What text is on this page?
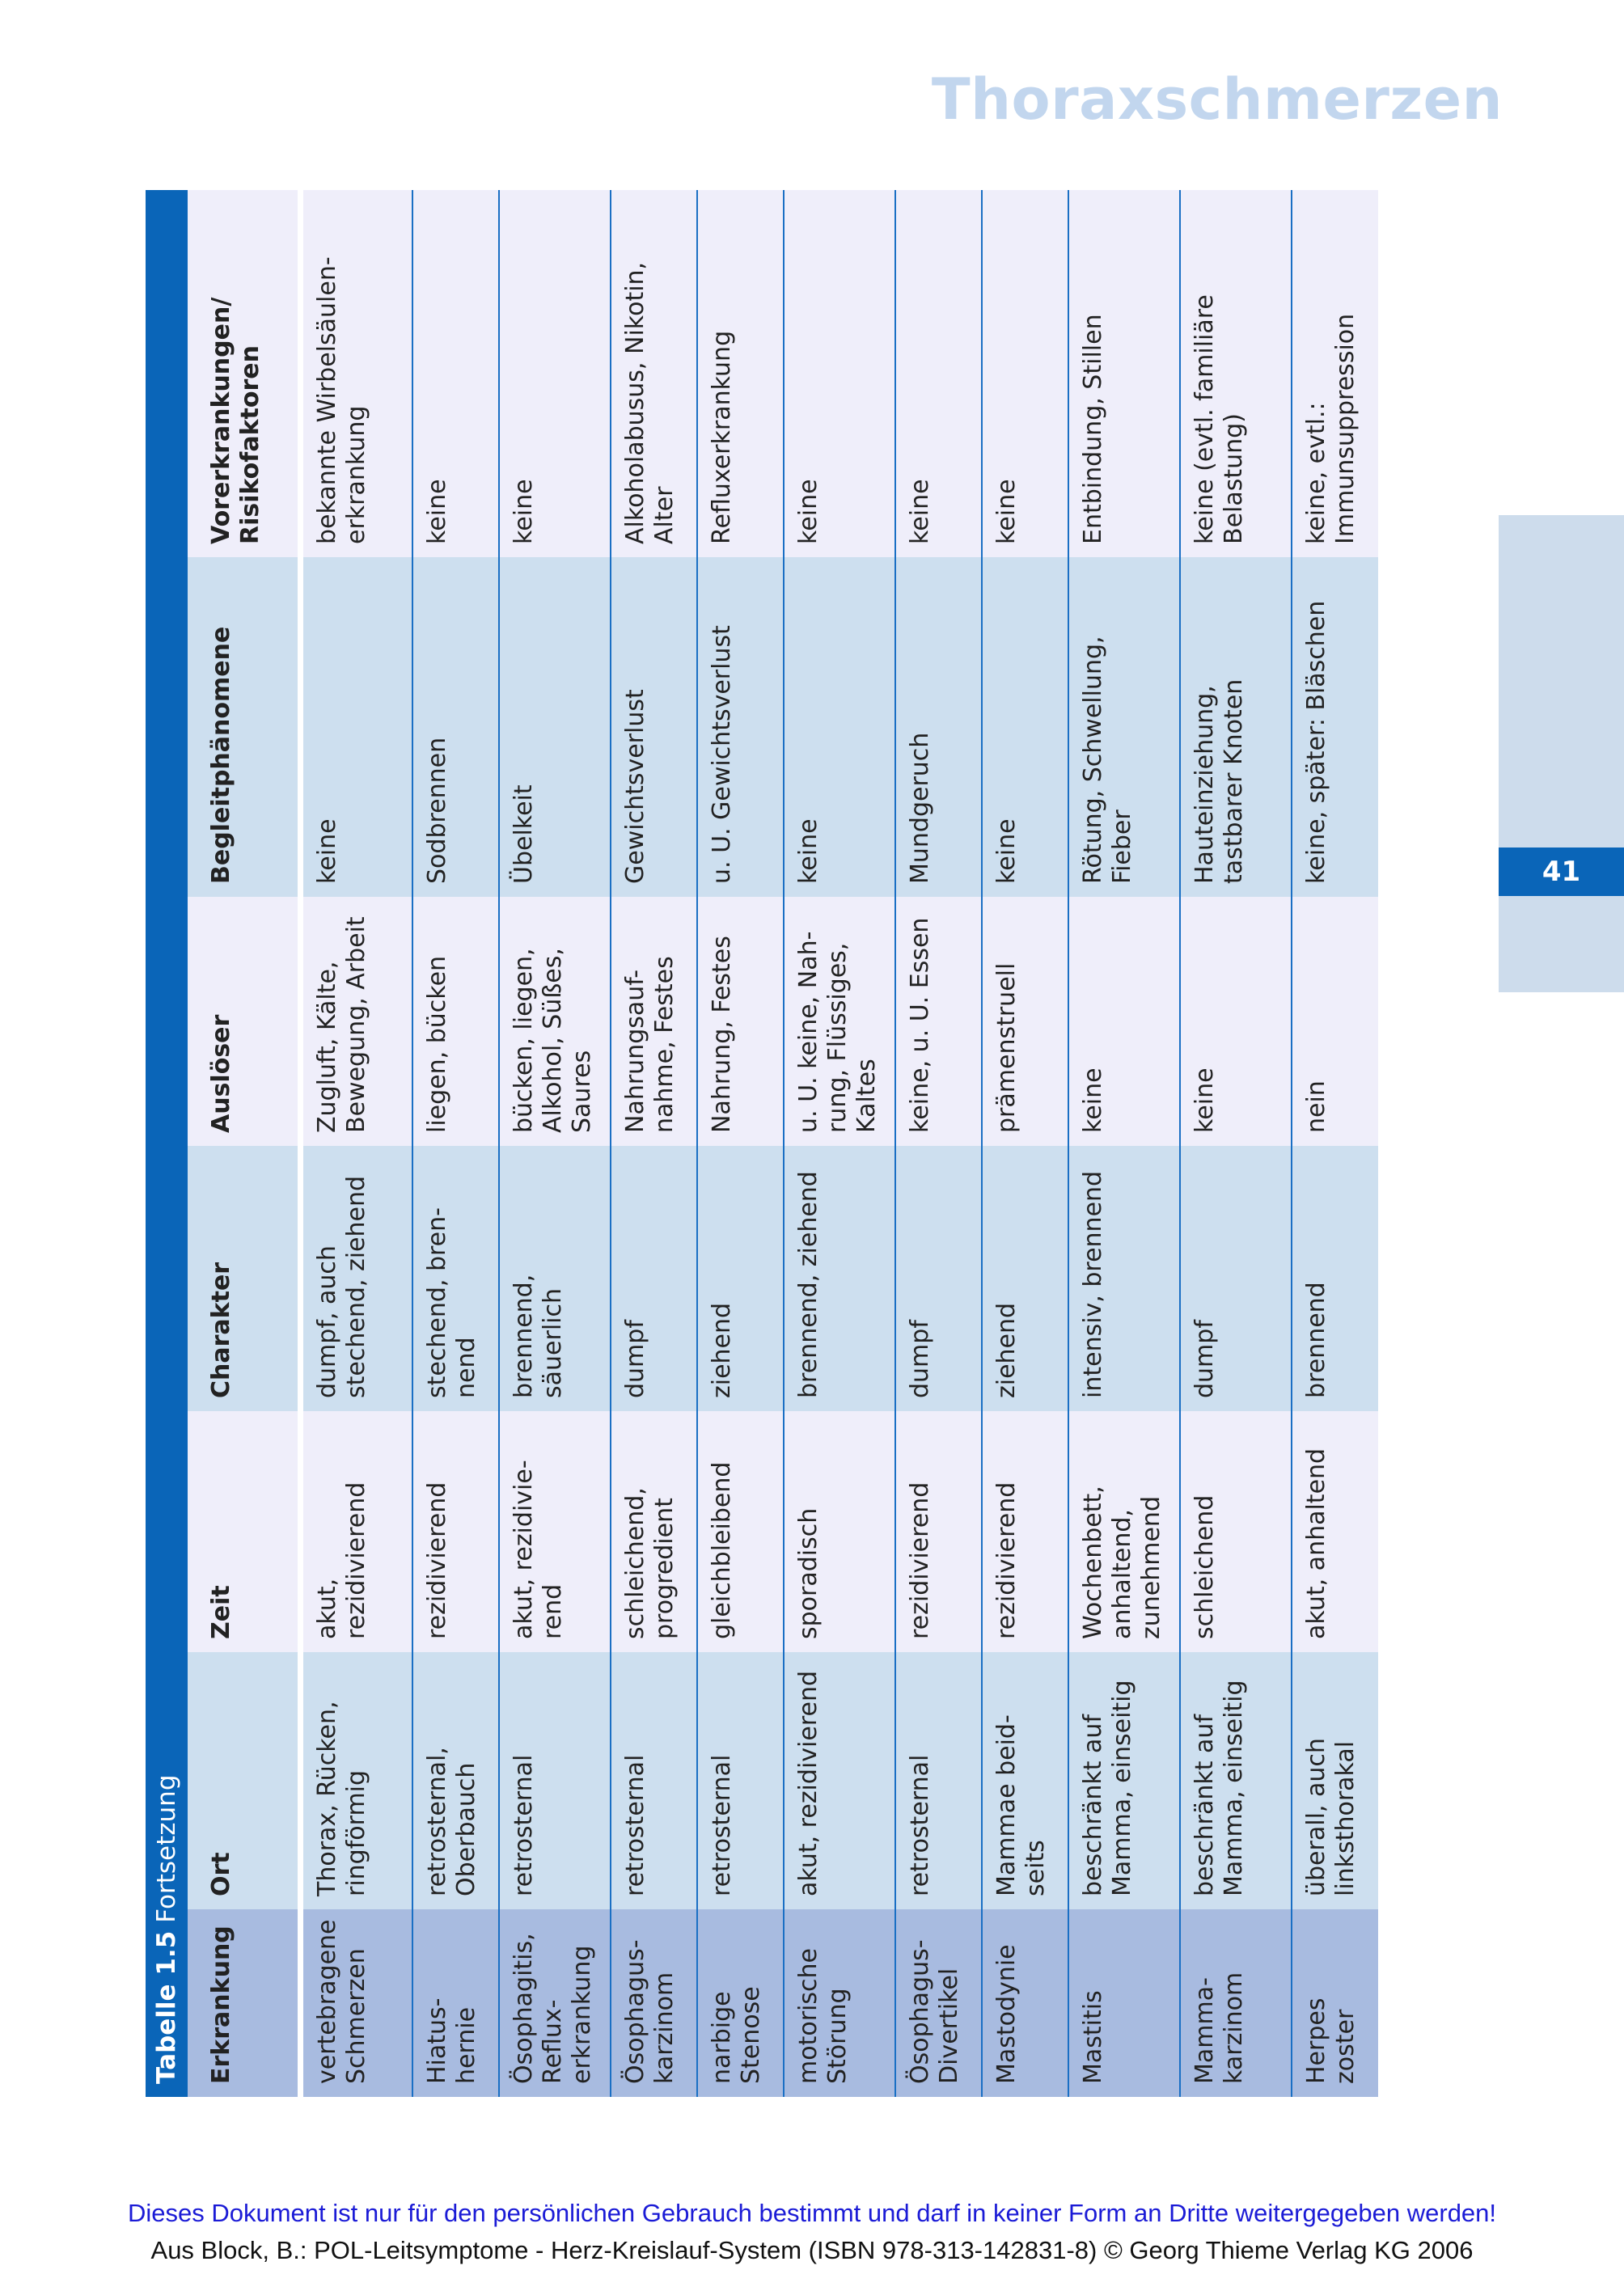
Thoraxschmerzen
41
Tabelle 1.5
Fortsetzung
Erkrankung	Ort	Zeit	Charakter	Auslöser	Begleitphänomene	Vorerkrankungen/ Risikofaktoren
vertebragene Schmerzen	Thorax, Rücken, ringförmig	akut, rezidivierend	dumpf, auch stechend, ziehend	Zugluft, Kälte, Bewegung, Arbeit	keine	bekannte Wirbelsäulen-erkrankung
Hiatus-hernie	retrosternal, Oberbauch	rezidivierend	stechend, bren-nend	liegen, bücken	Sodbrennen	keine
Ösophagitis, Reflux-erkrankung	retrosternal	akut, rezidivie-rend	brennend, säuerlich	bücken, liegen, Alkohol, Süßes, Saures	Übelkeit	keine
Ösophagus-karzinom	retrosternal	schleichend, progredient	dumpf	Nahrungsauf-nahme, Festes	Gewichtsverlust	Alkoholabusus, Nikotin, Alter
narbige Stenose	retrosternal	gleichbleibend	ziehend	Nahrung, Festes	u. U. Gewichtsverlust	Refluxerkrankung
motorische Störung	akut, rezidivierend	sporadisch	brennend, ziehend	u. U. keine, Nah-rung, Flüssiges, Kaltes	keine	keine
Ösophagus-Divertikel	retrosternal	rezidivierend	dumpf	keine, u. U. Essen	Mundgeruch	keine
Mastodynie	Mammae beid-seits	rezidivierend	ziehend	prämenstruell	keine	keine
Mastitis	beschränkt auf Mamma, einseitig	Wochenbett, anhaltend, zunehmend	intensiv, brennend	keine	Rötung, Schwellung, Fieber	Entbindung, Stillen
Mamma-karzinom	beschränkt auf Mamma, einseitig	schleichend	dumpf	keine	Hauteinziehung, tastbarer Knoten	keine (evtl. familiäre Belastung)
Herpes zoster	überall, auch linksthorakal	akut, anhaltend	brennend	nein	keine, später: Bläschen	keine, evtl.: Immunsuppression
Dieses Dokument ist nur für den persönlichen Gebrauch bestimmt und darf in keiner Form an Dritte weitergegeben werden!
Aus Block, B.: POL-Leitsymptome - Herz-Kreislauf-System (ISBN 978-313-142831-8) © Georg Thieme Verlag KG 2006
